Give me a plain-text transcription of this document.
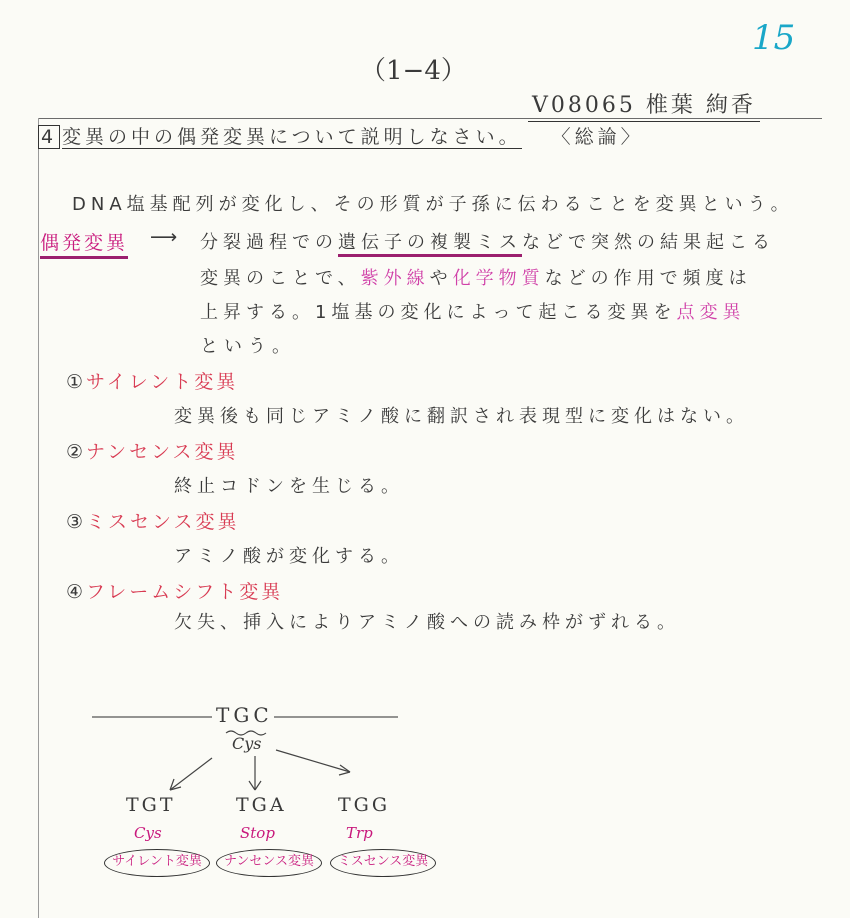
（1−4）
15
V08065 椎葉 絢香
4 変異の中の偶発変異について説明しなさい。 〈総論〉
DNA塩基配列が変化し、その形質が子孫に伝わることを変異という。
偶発変異 ⟶ 分裂過程での遺伝子の複製ミスなどで突然の結果起こる
変異のことで、紫外線や化学物質などの作用で頻度は
上昇する。1塩基の変化によって起こる変異を点変異
という。
①サイレント変異
変異後も同じアミノ酸に翻訳され表現型に変化はない。
②ナンセンス変異
終止コドンを生じる。
③ミスセンス変異
アミノ酸が変化する。
④フレームシフト変異
欠失、挿入によりアミノ酸への読み枠がずれる。
TGC
Cys
TGT
Cys
サイレント変異
TGA
Stop
ナンセンス変異
TGG
Trp
ミスセンス変異
